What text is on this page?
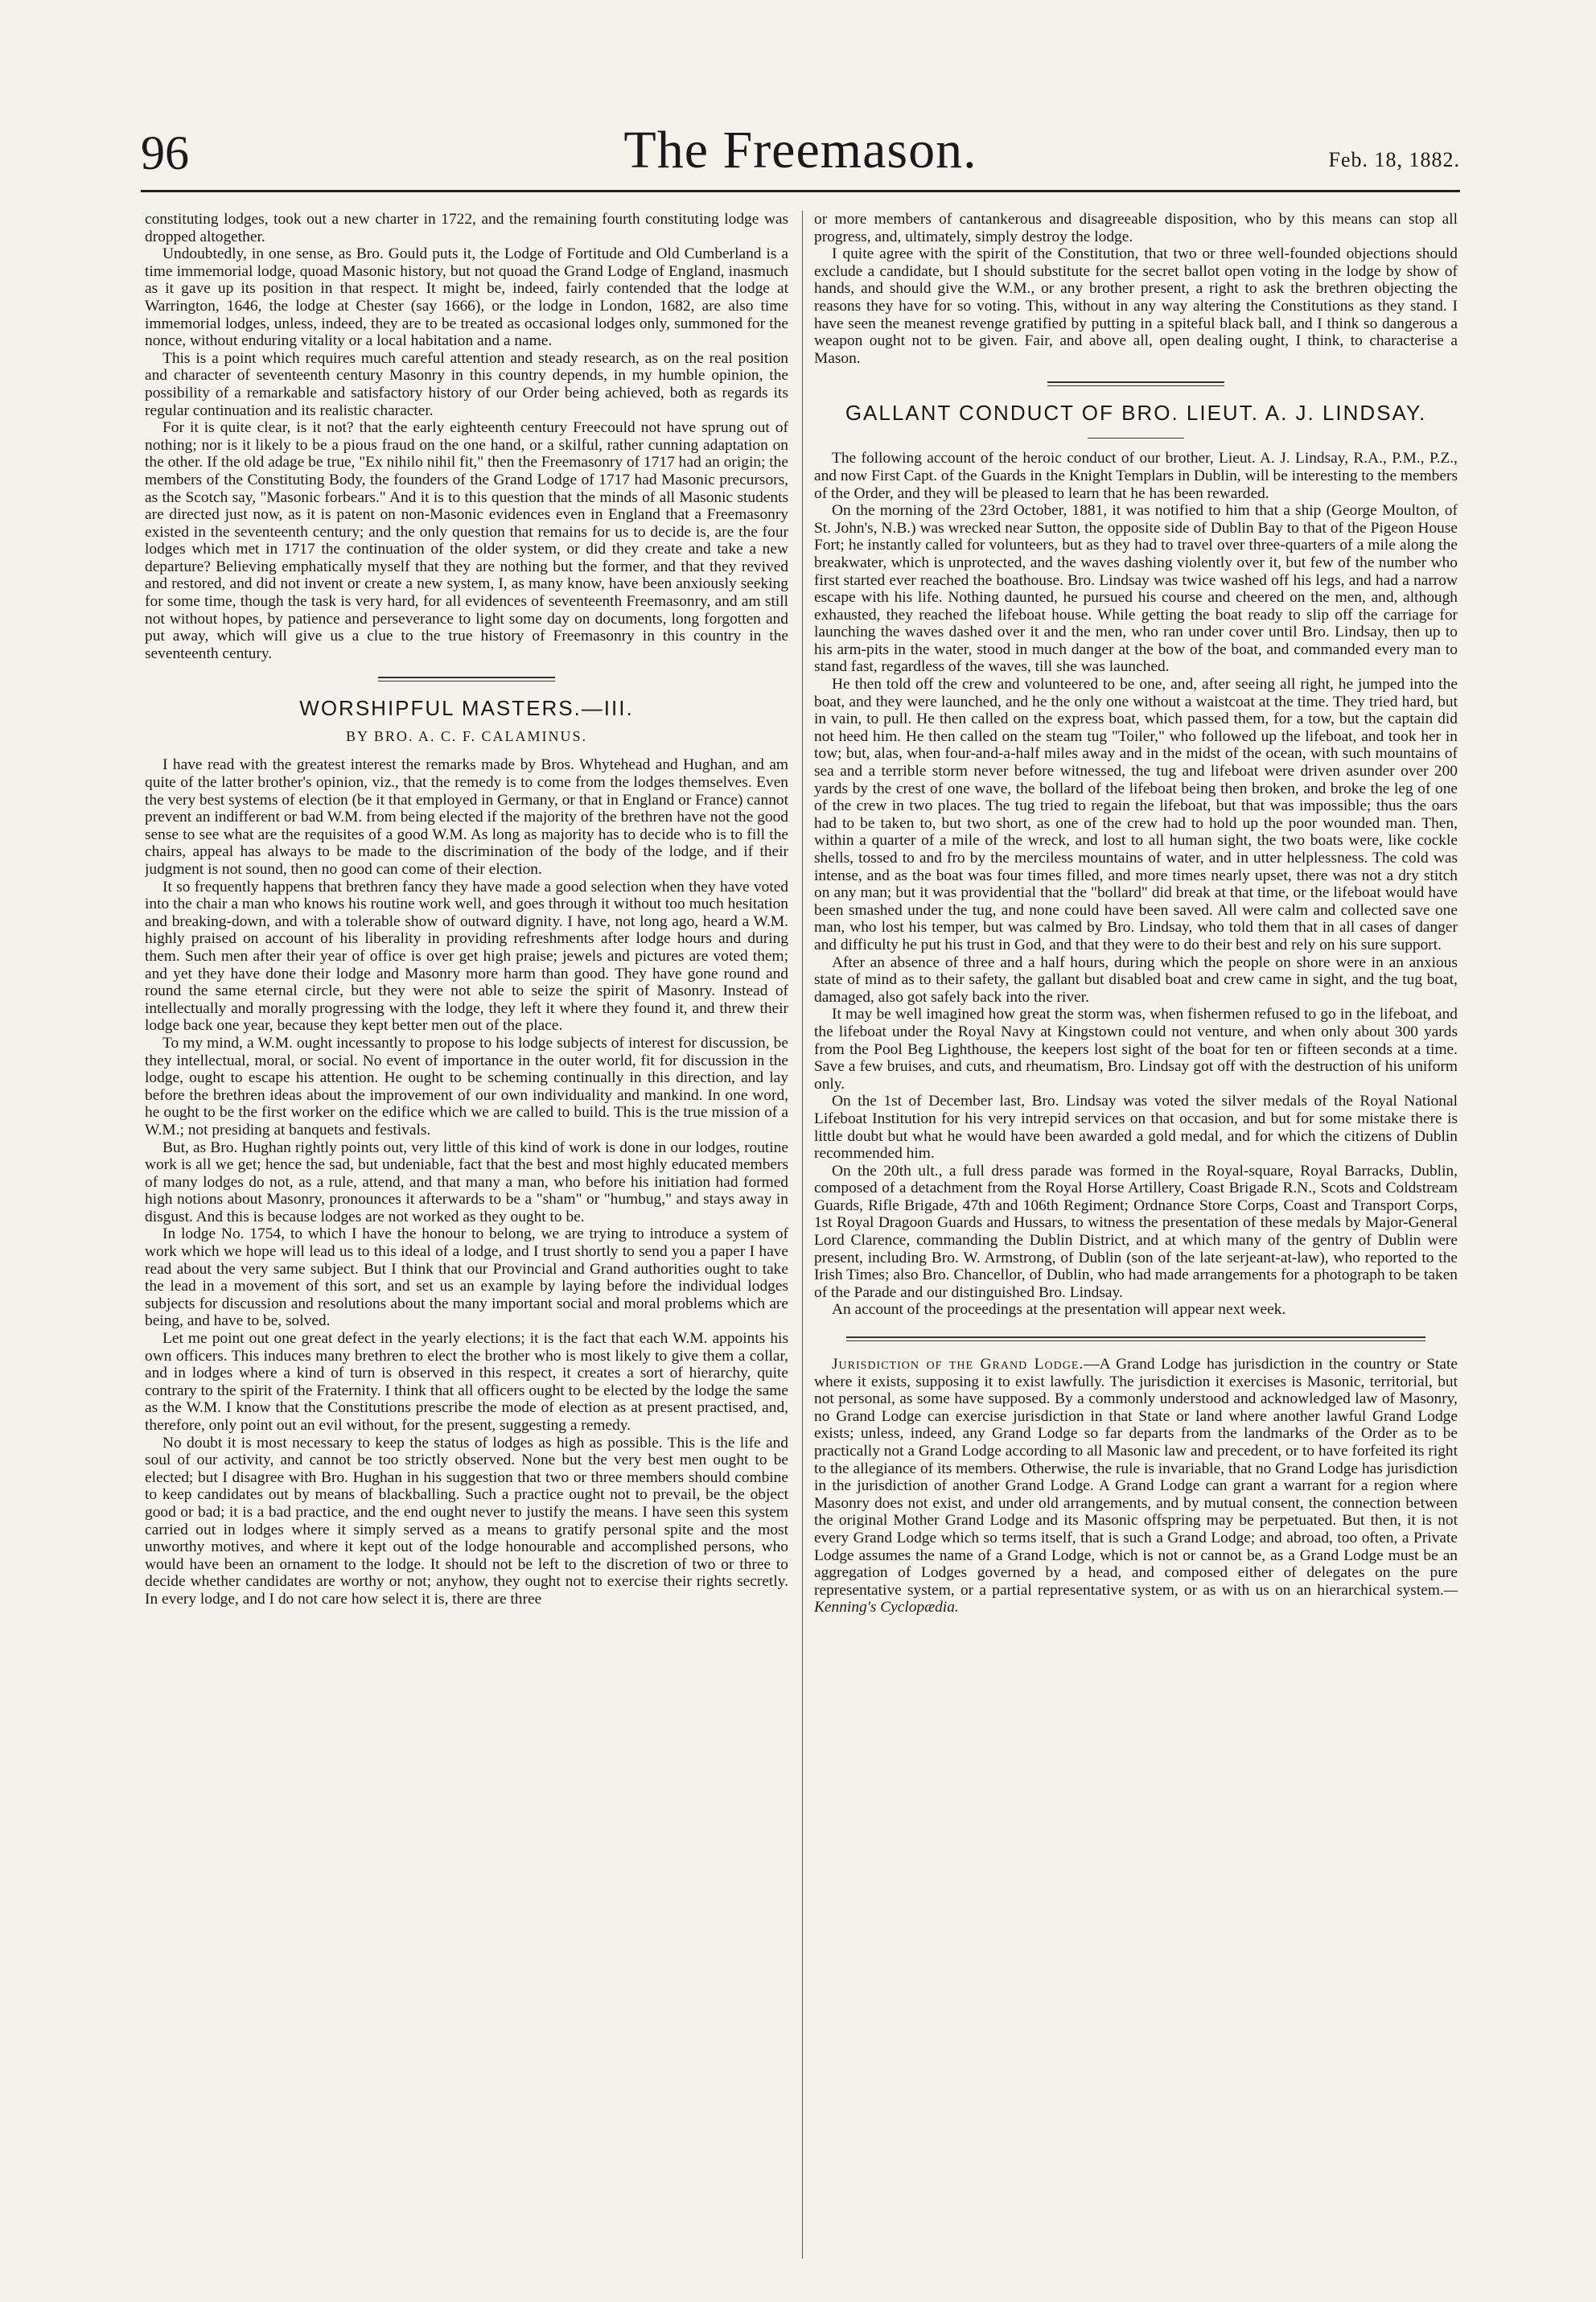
96	The Freemason.	Feb. 18, 1882.

constituting lodges, took out a new charter in 1722, and the remaining fourth constituting lodge was dropped altogether.

Undoubtedly, in one sense, as Bro. Gould puts it, the Lodge of Fortitude and Old Cumberland is a time immemorial lodge, quoad Masonic history, but not quoad the Grand Lodge of England, inasmuch as it gave up its position in that respect. It might be, indeed, fairly contended that the lodge at Warrington, 1646, the lodge at Chester (say 1666), or the lodge in London, 1682, are also time immemorial lodges, unless, indeed, they are to be treated as occasional lodges only, summoned for the nonce, without enduring vitality or a local habitation and a name.

This is a point which requires much careful attention and steady research, as on the real position and character of seventeenth century Masonry in this country depends, in my humble opinion, the possibility of a remarkable and satisfactory history of our Order being achieved, both as regards its regular continuation and its realistic character.

For it is quite clear, is it not? that the early eighteenth century Freecould not have sprung out of nothing; nor is it likely to be a pious fraud on the one hand, or a skilful, rather cunning adaptation on the other. If the old adage be true, "Ex nihilo nihil fit," then the Freemasonry of 1717 had an origin; the members of the Constituting Body, the founders of the Grand Lodge of 1717 had Masonic precursors, as the Scotch say, "Masonic forbears." And it is to this question that the minds of all Masonic students are directed just now, as it is patent on non-Masonic evidences even in England that a Freemasonry existed in the seventeenth century; and the only question that remains for us to decide is, are the four lodges which met in 1717 the continuation of the older system, or did they create and take a new departure? Believing emphatically myself that they are nothing but the former, and that they revived and restored, and did not invent or create a new system, I, as many know, have been anxiously seeking for some time, though the task is very hard, for all evidences of seventeenth Freemasonry, and am still not without hopes, by patience and perseverance to light some day on documents, long forgotten and put away, which will give us a clue to the true history of Freemasonry in this country in the seventeenth century.

WORSHIPFUL MASTERS.—III.
BY BRO. A. C. F. CALAMINUS.

I have read with the greatest interest the remarks made by Bros. Whytehead and Hughan, and am quite of the latter brother's opinion, viz., that the remedy is to come from the lodges themselves. Even the very best systems of election (be it that employed in Germany, or that in England or France) cannot prevent an indifferent or bad W.M. from being elected if the majority of the brethren have not the good sense to see what are the requisites of a good W.M. As long as majority has to decide who is to fill the chairs, appeal has always to be made to the discrimination of the body of the lodge, and if their judgment is not sound, then no good can come of their election.

It so frequently happens that brethren fancy they have made a good selection when they have voted into the chair a man who knows his routine work well, and goes through it without too much hesitation and breaking-down, and with a tolerable show of outward dignity. I have, not long ago, heard a W.M. highly praised on account of his liberality in providing refreshments after lodge hours and during them. Such men after their year of office is over get high praise; jewels and pictures are voted them; and yet they have done their lodge and Masonry more harm than good. They have gone round and round the same eternal circle, but they were not able to seize the spirit of Masonry. Instead of intellectually and morally progressing with the lodge, they left it where they found it, and threw their lodge back one year, because they kept better men out of the place.

To my mind, a W.M. ought incessantly to propose to his lodge subjects of interest for discussion, be they intellectual, moral, or social. No event of importance in the outer world, fit for discussion in the lodge, ought to escape his attention. He ought to be scheming continually in this direction, and lay before the brethren ideas about the improvement of our own individuality and mankind. In one word, he ought to be the first worker on the edifice which we are called to build. This is the true mission of a W.M.; not presiding at banquets and festivals.

But, as Bro. Hughan rightly points out, very little of this kind of work is done in our lodges, routine work is all we get; hence the sad, but undeniable, fact that the best and most highly educated members of many lodges do not, as a rule, attend, and that many a man, who before his initiation had formed high notions about Masonry, pronounces it afterwards to be a "sham" or "humbug," and stays away in disgust. And this is because lodges are not worked as they ought to be.

In lodge No. 1754, to which I have the honour to belong, we are trying to introduce a system of work which we hope will lead us to this ideal of a lodge, and I trust shortly to send you a paper I have read about the very same subject. But I think that our Provincial and Grand authorities ought to take the lead in a movement of this sort, and set us an example by laying before the individual lodges subjects for discussion and resolutions about the many important social and moral problems which are being, and have to be, solved.

Let me point out one great defect in the yearly elections; it is the fact that each W.M. appoints his own officers. This induces many brethren to elect the brother who is most likely to give them a collar, and in lodges where a kind of turn is observed in this respect, it creates a sort of hierarchy, quite contrary to the spirit of the Fraternity. I think that all officers ought to be elected by the lodge the same as the W.M. I know that the Constitutions prescribe the mode of election as at present practised, and, therefore, only point out an evil without, for the present, suggesting a remedy.

No doubt it is most necessary to keep the status of lodges as high as possible. This is the life and soul of our activity, and cannot be too strictly observed. None but the very best men ought to be elected; but I disagree with Bro. Hughan in his suggestion that two or three members should combine to keep candidates out by means of blackballing. Such a practice ought not to prevail, be the object good or bad; it is a bad practice, and the end ought never to justify the means. I have seen this system carried out in lodges where it simply served as a means to gratify personal spite and the most unworthy motives, and where it kept out of the lodge honourable and accomplished persons, who would have been an ornament to the lodge. It should not be left to the discretion of two or three to decide whether candidates are worthy or not; anyhow, they ought not to exercise their rights secretly. In every lodge, and I do not care how select it is, there are three

or more members of cantankerous and disagreeable disposition, who by this means can stop all progress, and, ultimately, simply destroy the lodge.

I quite agree with the spirit of the Constitution, that two or three well-founded objections should exclude a candidate, but I should substitute for the secret ballot open voting in the lodge by show of hands, and should give the W.M., or any brother present, a right to ask the brethren objecting the reasons they have for so voting. This, without in any way altering the Constitutions as they stand. I have seen the meanest revenge gratified by putting in a spiteful black ball, and I think so dangerous a weapon ought not to be given. Fair, and above all, open dealing ought, I think, to characterise a Mason.

GALLANT CONDUCT OF BRO. LIEUT. A. J. LINDSAY.

The following account of the heroic conduct of our brother, Lieut. A. J. Lindsay, R.A., P.M., P.Z., and now First Capt. of the Guards in the Knight Templars in Dublin, will be interesting to the members of the Order, and they will be pleased to learn that he has been rewarded.

On the morning of the 23rd October, 1881, it was notified to him that a ship (George Moulton, of St. John's, N.B.) was wrecked near Sutton, the opposite side of Dublin Bay to that of the Pigeon House Fort; he instantly called for volunteers, but as they had to travel over three-quarters of a mile along the breakwater, which is unprotected, and the waves dashing violently over it, but few of the number who first started ever reached the boathouse. Bro. Lindsay was twice washed off his legs, and had a narrow escape with his life. Nothing daunted, he pursued his course and cheered on the men, and, although exhausted, they reached the lifeboat house. While getting the boat ready to slip off the carriage for launching the waves dashed over it and the men, who ran under cover until Bro. Lindsay, then up to his arm-pits in the water, stood in much danger at the bow of the boat, and commanded every man to stand fast, regardless of the waves, till she was launched.

He then told off the crew and volunteered to be one, and, after seeing all right, he jumped into the boat, and they were launched, and he the only one without a waistcoat at the time. They tried hard, but in vain, to pull. He then called on the express boat, which passed them, for a tow, but the captain did not heed him. He then called on the steam tug "Toiler," who followed up the lifeboat, and took her in tow; but, alas, when four-and-a-half miles away and in the midst of the ocean, with such mountains of sea and a terrible storm never before witnessed, the tug and lifeboat were driven asunder over 200 yards by the crest of one wave, the bollard of the lifeboat being then broken, and broke the leg of one of the crew in two places. The tug tried to regain the lifeboat, but that was impossible; thus the oars had to be taken to, but two short, as one of the crew had to hold up the poor wounded man. Then, within a quarter of a mile of the wreck, and lost to all human sight, the two boats were, like cockle shells, tossed to and fro by the merciless mountains of water, and in utter helplessness. The cold was intense, and as the boat was four times filled, and more times nearly upset, there was not a dry stitch on any man; but it was providential that the "bollard" did break at that time, or the lifeboat would have been smashed under the tug, and none could have been saved. All were calm and collected save one man, who lost his temper, but was calmed by Bro. Lindsay, who told them that in all cases of danger and difficulty he put his trust in God, and that they were to do their best and rely on his sure support.

After an absence of three and a half hours, during which the people on shore were in an anxious state of mind as to their safety, the gallant but disabled boat and crew came in sight, and the tug boat, damaged, also got safely back into the river.

It may be well imagined how great the storm was, when fishermen refused to go in the lifeboat, and the lifeboat under the Royal Navy at Kingstown could not venture, and when only about 300 yards from the Pool Beg Lighthouse, the keepers lost sight of the boat for ten or fifteen seconds at a time. Save a few bruises, and cuts, and rheumatism, Bro. Lindsay got off with the destruction of his uniform only.

On the 1st of December last, Bro. Lindsay was voted the silver medals of the Royal National Lifeboat Institution for his very intrepid services on that occasion, and but for some mistake there is little doubt but what he would have been awarded a gold medal, and for which the citizens of Dublin recommended him.

On the 20th ult., a full dress parade was formed in the Royal-square, Royal Barracks, Dublin, composed of a detachment from the Royal Horse Artillery, Coast Brigade R.N., Scots and Coldstream Guards, Rifle Brigade, 47th and 106th Regiment; Ordnance Store Corps, Coast and Transport Corps, 1st Royal Dragoon Guards and Hussars, to witness the presentation of these medals by Major-General Lord Clarence, commanding the Dublin District, and at which many of the gentry of Dublin were present, including Bro. W. Armstrong, of Dublin (son of the late serjeant-at-law), who reported to the Irish Times; also Bro. Chancellor, of Dublin, who had made arrangements for a photograph to be taken of the Parade and our distinguished Bro. Lindsay.

An account of the proceedings at the presentation will appear next week.

Jurisdiction of the Grand Lodge.—A Grand Lodge has jurisdiction in the country or State where it exists, supposing it to exist lawfully. The jurisdiction it exercises is Masonic, territorial, but not personal, as some have supposed. By a commonly understood and acknowledged law of Masonry, no Grand Lodge can exercise jurisdiction in that State or land where another lawful Grand Lodge exists; unless, indeed, any Grand Lodge so far departs from the landmarks of the Order as to be practically not a Grand Lodge according to all Masonic law and precedent, or to have forfeited its right to the allegiance of its members. Otherwise, the rule is invariable, that no Grand Lodge has jurisdiction in the jurisdiction of another Grand Lodge. A Grand Lodge can grant a warrant for a region where Masonry does not exist, and under old arrangements, and by mutual consent, the connection between the original Mother Grand Lodge and its Masonic offspring may be perpetuated. But then, it is not every Grand Lodge which so terms itself, that is such a Grand Lodge; and abroad, too often, a Private Lodge assumes the name of a Grand Lodge, which is not or cannot be, as a Grand Lodge must be an aggregation of Lodges governed by a head, and composed either of delegates on the pure representative system, or a partial representative system, or as with us on an hierarchical system.—Kenning's Cyclopædia.
